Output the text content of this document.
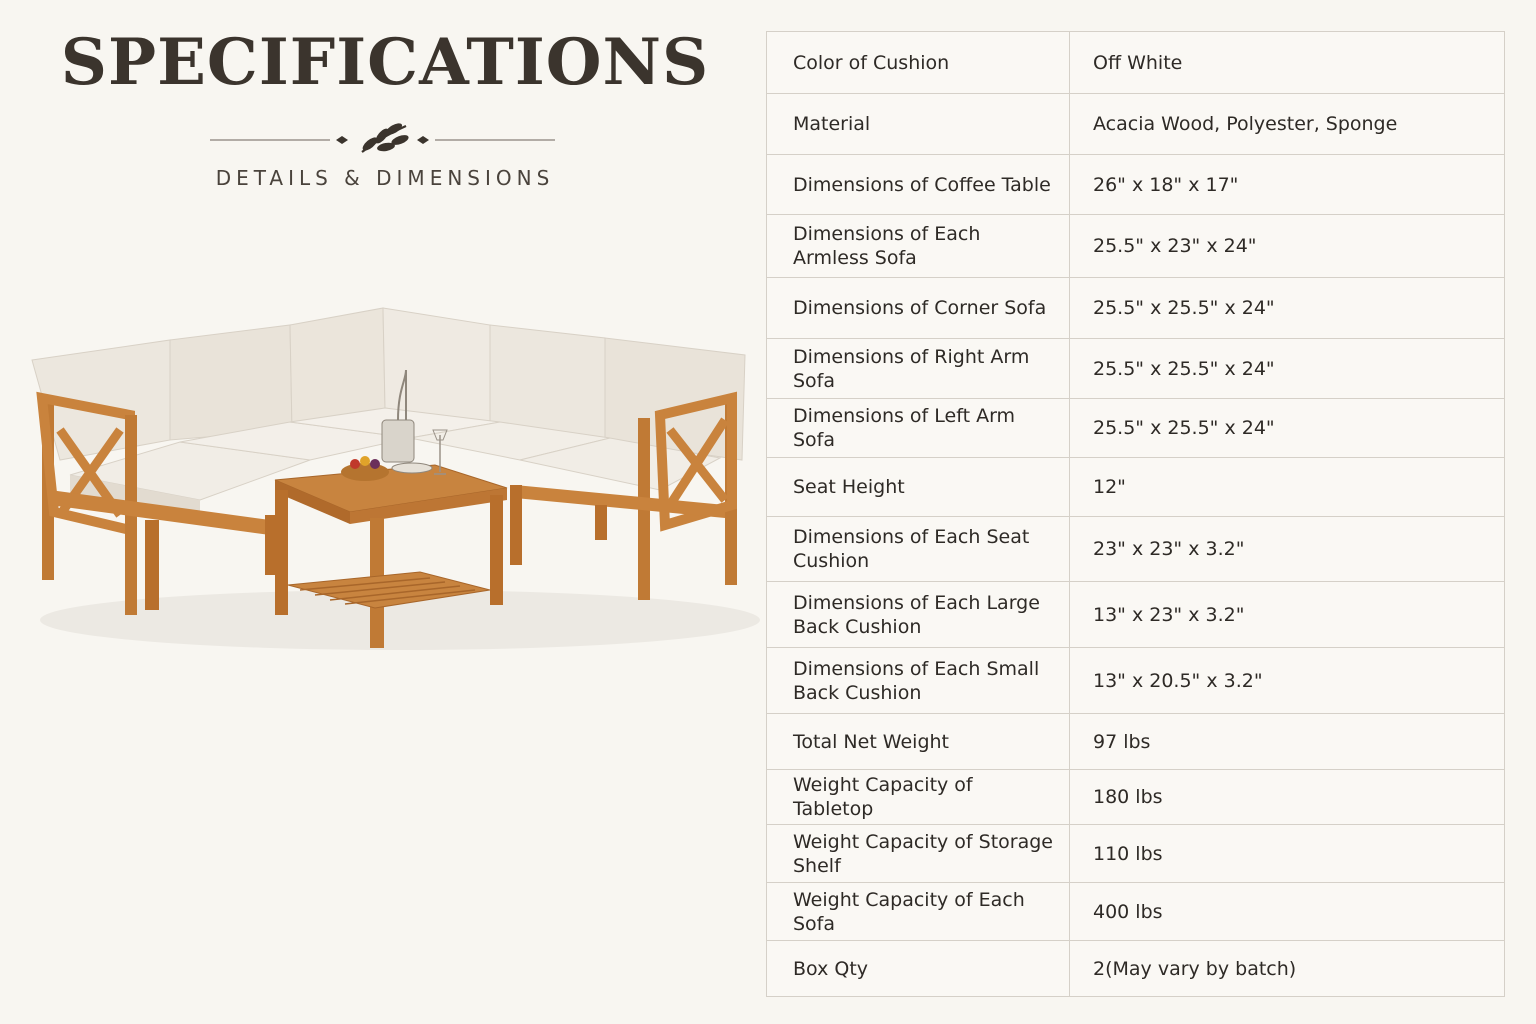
SPECIFICATIONS

DETAILS & DIMENSIONS

Color of Cushion	Off White
Material	Acacia Wood, Polyester, Sponge
Dimensions of Coffee Table	26" x 18" x 17"
Dimensions of Each Armless Sofa	25.5" x 23" x 24"
Dimensions of Corner Sofa	25.5" x 25.5" x 24"
Dimensions of Right Arm Sofa	25.5" x 25.5" x 24"
Dimensions of Left Arm Sofa	25.5" x 25.5" x 24"
Seat Height	12"
Dimensions of Each Seat Cushion	23" x 23" x 3.2"
Dimensions of Each Large Back Cushion	13" x 23" x 3.2"
Dimensions of Each Small Back Cushion	13" x 20.5" x 3.2"
Total Net Weight	97 lbs
Weight Capacity of Tabletop	180 lbs
Weight Capacity of Storage Shelf	110 lbs
Weight Capacity of Each Sofa	400 lbs
Box Qty	2(May vary by batch)
